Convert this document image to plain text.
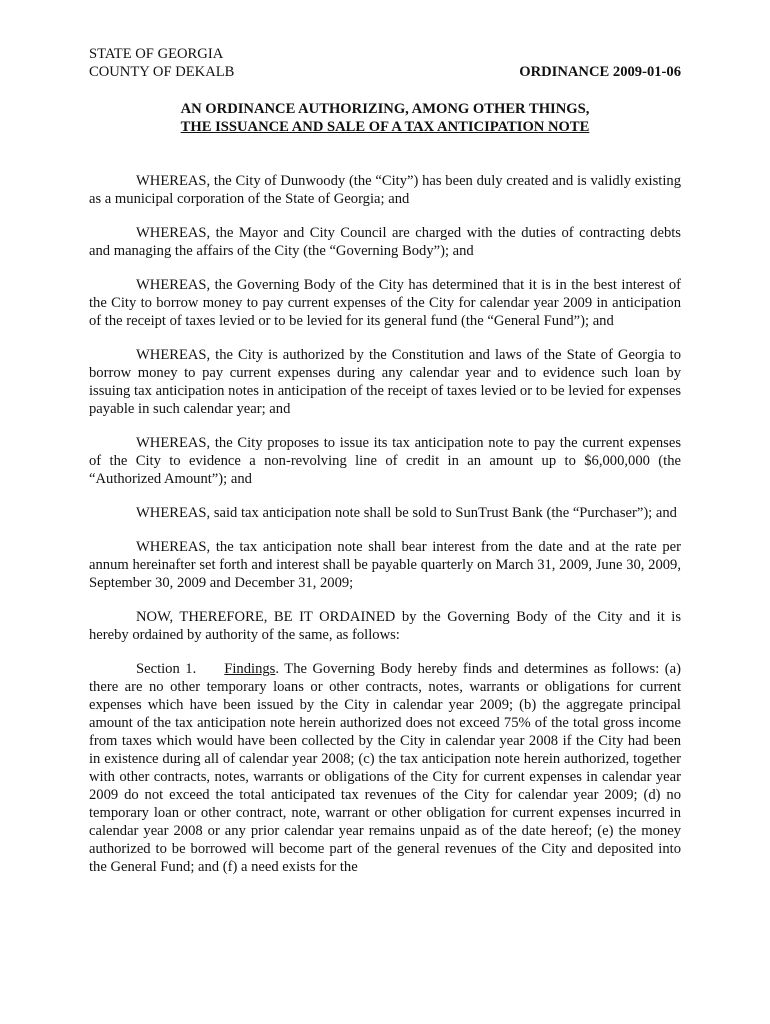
STATE OF GEORGIA
COUNTY OF DEKALB	ORDINANCE 2009-01-06
AN ORDINANCE AUTHORIZING, AMONG OTHER THINGS,
THE ISSUANCE AND SALE OF A TAX ANTICIPATION NOTE

WHEREAS, the City of Dunwoody (the “City”) has been duly created and is validly existing as a municipal corporation of the State of Georgia; and

WHEREAS, the Mayor and City Council are charged with the duties of contracting debts and managing the affairs of the City (the “Governing Body”); and

WHEREAS, the Governing Body of the City has determined that it is in the best interest of the City to borrow money to pay current expenses of the City for calendar year 2009 in anticipation of the receipt of taxes levied or to be levied for its general fund (the “General Fund”); and

WHEREAS, the City is authorized by the Constitution and laws of the State of Georgia to borrow money to pay current expenses during any calendar year and to evidence such loan by issuing tax anticipation notes in anticipation of the receipt of taxes levied or to be levied for expenses payable in such calendar year; and

WHEREAS, the City proposes to issue its tax anticipation note to pay the current expenses of the City to evidence a non-revolving line of credit in an amount up to $6,000,000 (the “Authorized Amount”); and

WHEREAS, said tax anticipation note shall be sold to SunTrust Bank (the “Purchaser”); and

WHEREAS, the tax anticipation note shall bear interest from the date and at the rate per annum hereinafter set forth and interest shall be payable quarterly on March 31, 2009, June 30, 2009, September 30, 2009 and December 31, 2009;

NOW, THEREFORE, BE IT ORDAINED by the Governing Body of the City and it is hereby ordained by authority of the same, as follows:

Section 1. Findings. The Governing Body hereby finds and determines as follows: (a) there are no other temporary loans or other contracts, notes, warrants or obligations for current expenses which have been issued by the City in calendar year 2009; (b) the aggregate principal amount of the tax anticipation note herein authorized does not exceed 75% of the total gross income from taxes which would have been collected by the City in calendar year 2008 if the City had been in existence during all of calendar year 2008; (c) the tax anticipation note herein authorized, together with other contracts, notes, warrants or obligations of the City for current expenses in calendar year 2009 do not exceed the total anticipated tax revenues of the City for calendar year 2009; (d) no temporary loan or other contract, note, warrant or other obligation for current expenses incurred in calendar year 2008 or any prior calendar year remains unpaid as of the date hereof; (e) the money authorized to be borrowed will become part of the general revenues of the City and deposited into the General Fund; and (f) a need exists for the
